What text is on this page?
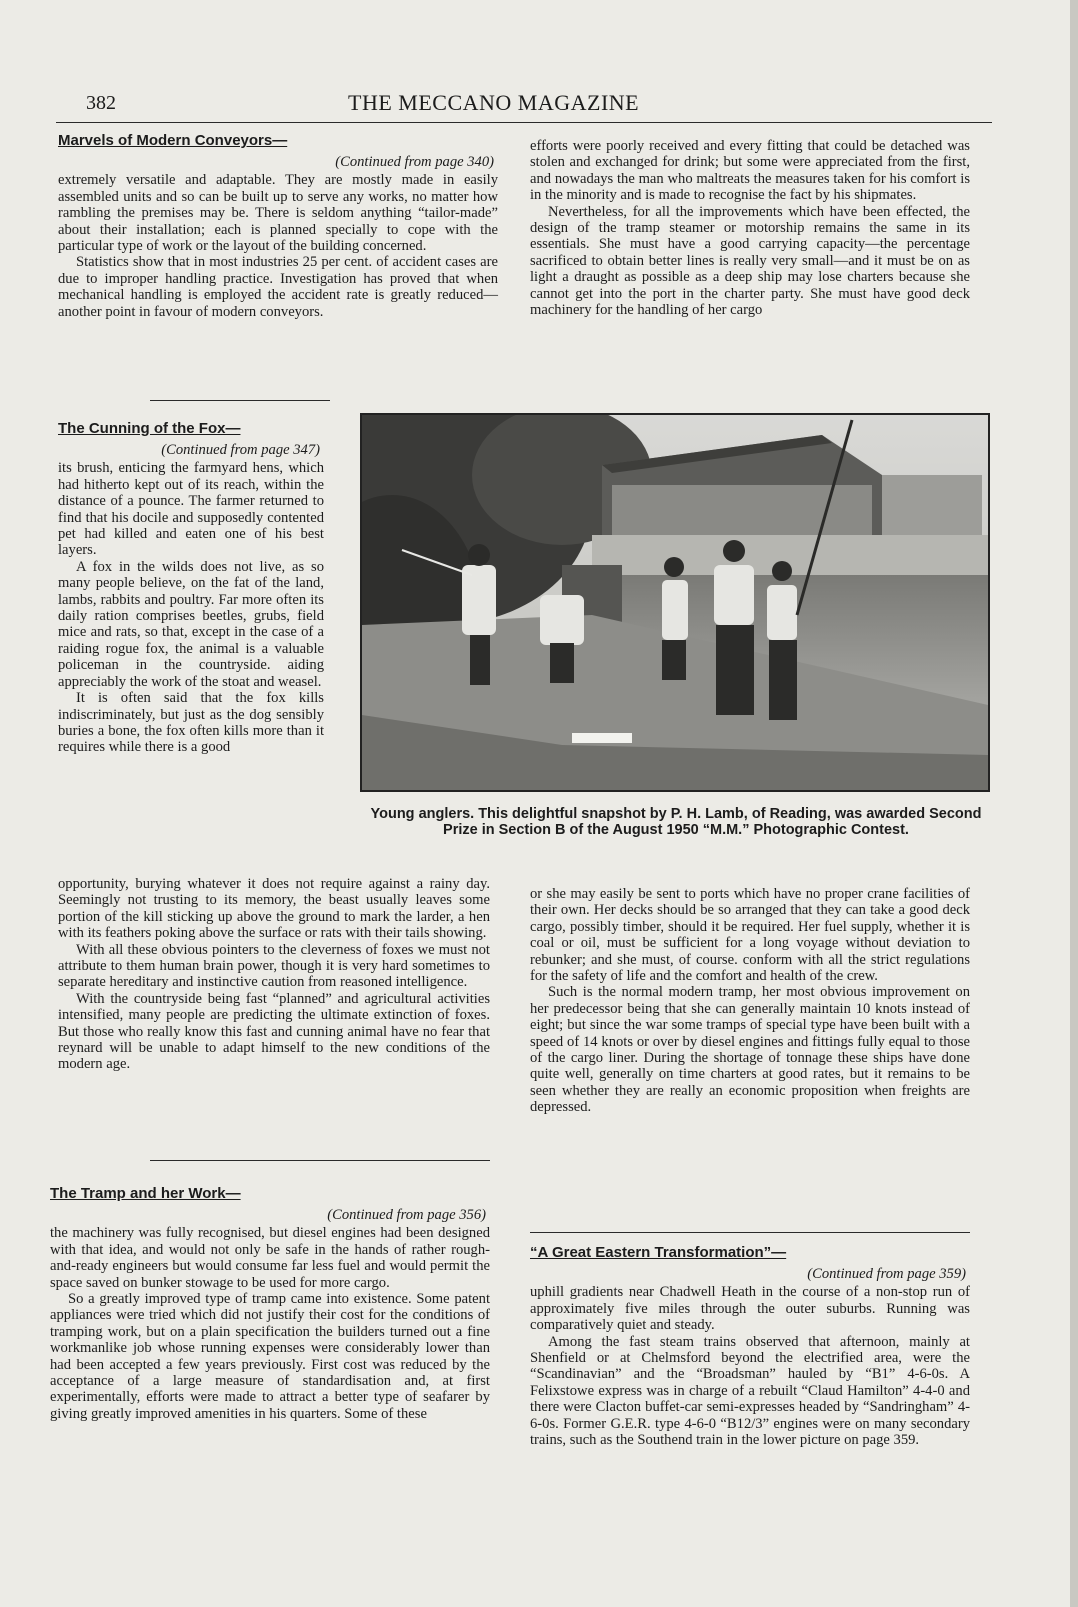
382	THE MECCANO MAGAZINE
Marvels of Modern Conveyors—
(Continued from page 340)

extremely versatile and adaptable. They are mostly made in easily assembled units and so can be built up to serve any works, no matter how rambling the premises may be. There is seldom anything “tailor-made” about their installation; each is planned specially to cope with the particular type of work or the layout of the building concerned.

Statistics show that in most industries 25 per cent. of accident cases are due to improper handling practice. Investigation has proved that when mechanical handling is employed the accident rate is greatly reduced—another point in favour of modern conveyors.

The Cunning of the Fox—
(Continued from page 347)

its brush, enticing the farmyard hens, which had hitherto kept out of its reach, within the distance of a pounce. The farmer returned to find that his docile and supposedly contented pet had killed and eaten one of his best layers.

A fox in the wilds does not live, as so many people believe, on the fat of the land, lambs, rabbits and poultry. Far more often its daily ration comprises beetles, grubs, field mice and rats, so that, except in the case of a raiding rogue fox, the animal is a valuable policeman in the countryside. aiding appreciably the work of the stoat and weasel.

It is often said that the fox kills indiscriminately, but just as the dog sensibly buries a bone, the fox often kills more than it requires while there is a good

opportunity, burying whatever it does not require against a rainy day. Seemingly not trusting to its memory, the beast usually leaves some portion of the kill sticking up above the ground to mark the larder, a hen with its feathers poking above the surface or rats with their tails showing.

With all these obvious pointers to the cleverness of foxes we must not attribute to them human brain power, though it is very hard sometimes to separate hereditary and instinctive caution from reasoned intelligence.

With the countryside being fast “planned” and agricultural activities intensified, many people are predicting the ultimate extinction of foxes. But those who really know this fast and cunning animal have no fear that reynard will be unable to adapt himself to the new conditions of the modern age.

The Tramp and her Work—
(Continued from page 356)

the machinery was fully recognised, but diesel engines had been designed with that idea, and would not only be safe in the hands of rather rough-and-ready engineers but would consume far less fuel and would permit the space saved on bunker stowage to be used for more cargo.

So a greatly improved type of tramp came into existence. Some patent appliances were tried which did not justify their cost for the conditions of tramping work, but on a plain specification the builders turned out a fine workmanlike job whose running expenses were considerably lower than had been accepted a few years previously. First cost was reduced by the acceptance of a large measure of standardisation and, at first experimentally, efforts were made to attract a better type of seafarer by giving greatly improved amenities in his quarters. Some of these

efforts were poorly received and every fitting that could be detached was stolen and exchanged for drink; but some were appreciated from the first, and nowadays the man who maltreats the measures taken for his comfort is in the minority and is made to recognise the fact by his shipmates.

Nevertheless, for all the improvements which have been effected, the design of the tramp steamer or motorship remains the same in its essentials. She must have a good carrying capacity—the percentage sacrificed to obtain better lines is really very small—and it must be on as light a draught as possible as a deep ship may lose charters because she cannot get into the port in the charter party. She must have good deck machinery for the handling of her cargo

Young anglers. This delightful snapshot by P. H. Lamb, of Reading, was awarded Second Prize in Section B of the August 1950 “M.M.” Photographic Contest.

or she may easily be sent to ports which have no proper crane facilities of their own. Her decks should be so arranged that they can take a good deck cargo, possibly timber, should it be required. Her fuel supply, whether it is coal or oil, must be sufficient for a long voyage without deviation to rebunker; and she must, of course. conform with all the strict regulations for the safety of life and the comfort and health of the crew.

Such is the normal modern tramp, her most obvious improvement on her predecessor being that she can generally maintain 10 knots instead of eight; but since the war some tramps of special type have been built with a speed of 14 knots or over by diesel engines and fittings fully equal to those of the cargo liner. During the shortage of tonnage these ships have done quite well, generally on time charters at good rates, but it remains to be seen whether they are really an economic proposition when freights are depressed.

“A Great Eastern Transformation”—
(Continued from page 359)

uphill gradients near Chadwell Heath in the course of a non-stop run of approximately five miles through the outer suburbs. Running was comparatively quiet and steady.

Among the fast steam trains observed that afternoon, mainly at Shenfield or at Chelmsford beyond the electrified area, were the “Scandinavian” and the “Broadsman” hauled by “B1” 4-6-0s. A Felixstowe express was in charge of a rebuilt “Claud Hamilton” 4-4-0 and there were Clacton buffet-car semi-expresses headed by “Sandringham” 4-6-0s. Former G.E.R. type 4-6-0 “B12/3” engines were on many secondary trains, such as the Southend train in the lower picture on page 359.
